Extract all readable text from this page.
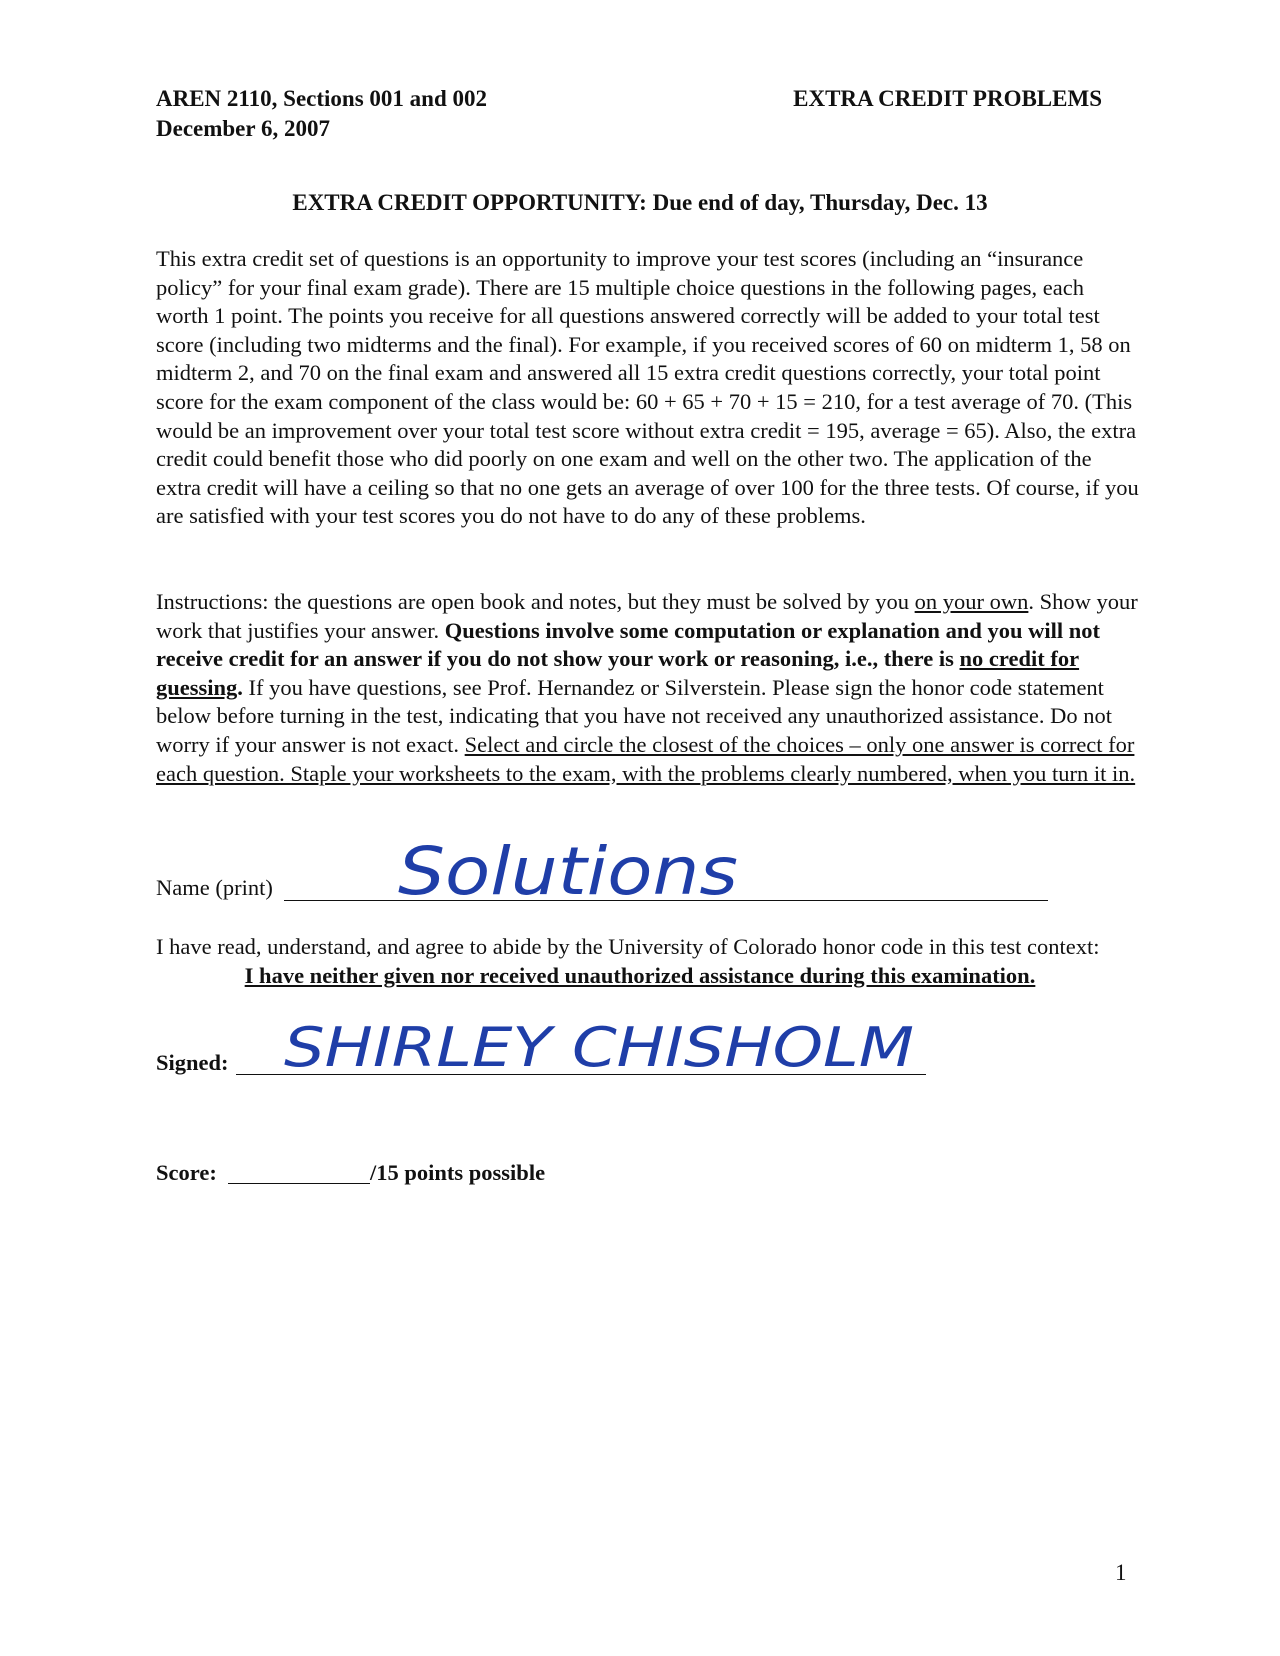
AREN 2110, Sections 001 and 002
December 6, 2007
EXTRA CREDIT PROBLEMS
EXTRA CREDIT OPPORTUNITY: Due end of day, Thursday, Dec. 13

This extra credit set of questions is an opportunity to improve your test scores (including an “insurance policy” for your final exam grade). There are 15 multiple choice questions in the following pages, each worth 1 point. The points you receive for all questions answered correctly will be added to your total test score (including two midterms and the final). For example, if you received scores of 60 on midterm 1, 58 on midterm 2, and 70 on the final exam and answered all 15 extra credit questions correctly, your total point score for the exam component of the class would be: 60 + 65 + 70 + 15 = 210, for a test average of 70. (This would be an improvement over your total test score without extra credit = 195, average = 65). Also, the extra credit could benefit those who did poorly on one exam and well on the other two. The application of the extra credit will have a ceiling so that no one gets an average of over 100 for the three tests. Of course, if you are satisfied with your test scores you do not have to do any of these problems.

Instructions: the questions are open book and notes, but they must be solved by you on your own. Show your work that justifies your answer. Questions involve some computation or explanation and you will not receive credit for an answer if you do not show your work or reasoning, i.e., there is no credit for guessing. If you have questions, see Prof. Hernandez or Silverstein. Please sign the honor code statement below before turning in the test, indicating that you have not received any unauthorized assistance. Do not worry if your answer is not exact. Select and circle the closest of the choices – only one answer is correct for each question. Staple your worksheets to the exam, with the problems clearly numbered, when you turn it in.

Name (print) Solutions
I have read, understand, and agree to abide by the University of Colorado honor code in this test context:
I have neither given nor received unauthorized assistance during this examination.
Signed: SHIRLEY CHISHOLM
Score:	/15 points possible
1
